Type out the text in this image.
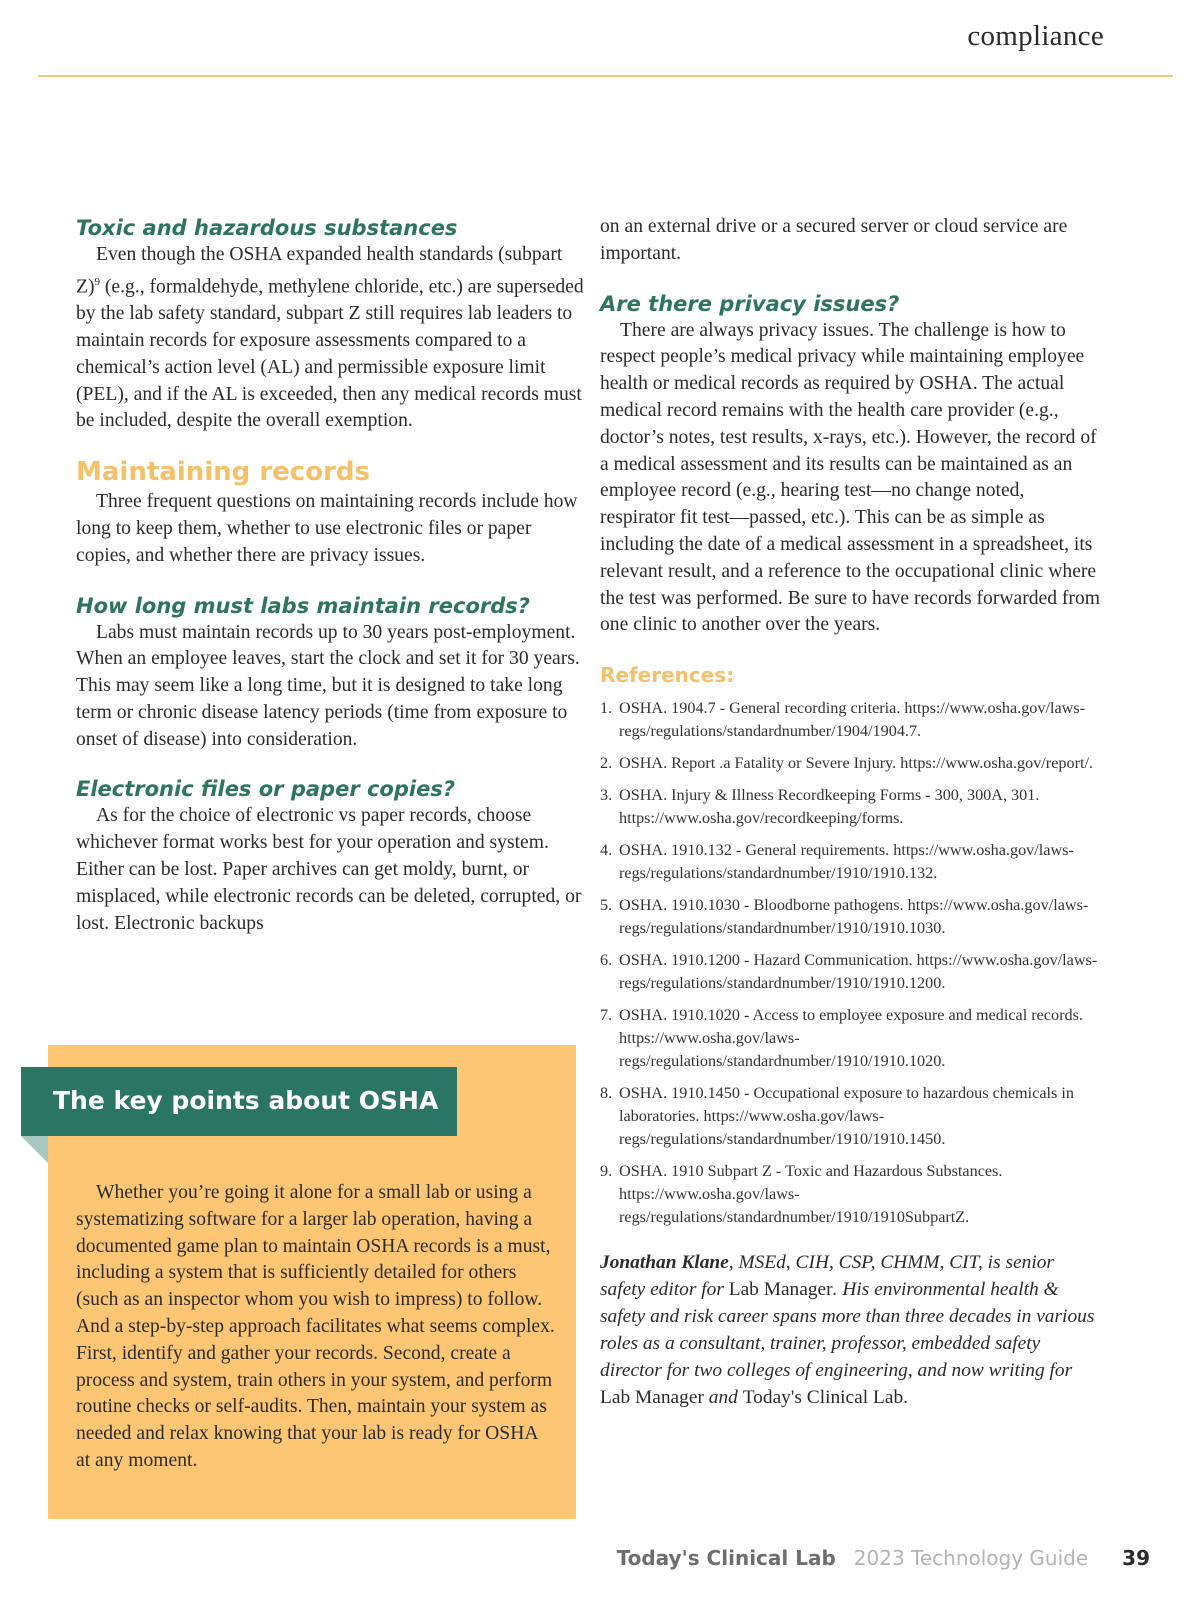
compliance
Toxic and hazardous substances

Even though the OSHA expanded health standards (subpart Z)$^9$ (e.g., formaldehyde, methylene chloride, etc.) are superseded by the lab safety standard, subpart Z still requires lab leaders to maintain records for exposure assessments compared to a chemical’s action level (AL) and permissible exposure limit (PEL), and if the AL is exceeded, then any medical records must be included, despite the overall exemption.

Maintaining records

Three frequent questions on maintaining records include how long to keep them, whether to use electronic files or paper copies, and whether there are privacy issues.

How long must labs maintain records?

Labs must maintain records up to 30 years post-employment. When an employee leaves, start the clock and set it for 30 years. This may seem like a long time, but it is designed to take long term or chronic disease latency periods (time from exposure to onset of disease) into consideration.

Electronic files or paper copies?

As for the choice of electronic vs paper records, choose whichever format works best for your operation and system. Either can be lost. Paper archives can get moldy, burnt, or misplaced, while electronic records can be deleted, corrupted, or lost. Electronic backups

The key points about OSHA

Whether you’re going it alone for a small lab or using a systematizing software for a larger lab operation, having a documented game plan to maintain OSHA records is a must, including a system that is sufficiently detailed for others (such as an inspector whom you wish to impress) to follow. And a step-by-step approach facilitates what seems complex. First, identify and gather your records. Second, create a process and system, train others in your system, and perform routine checks or self-audits. Then, maintain your system as needed and relax knowing that your lab is ready for OSHA at any moment.

on an external drive or a secured server or cloud service are important.

Are there privacy issues?

There are always privacy issues. The challenge is how to respect people’s medical privacy while maintaining employee health or medical records as required by OSHA. The actual medical record remains with the health care provider (e.g., doctor’s notes, test results, x-rays, etc.). However, the record of a medical assessment and its results can be maintained as an employee record (e.g., hearing test—no change noted, respirator fit test—passed, etc.). This can be as simple as including the date of a medical assessment in a spreadsheet, its relevant result, and a reference to the occupational clinic where the test was performed. Be sure to have records forwarded from one clinic to another over the years.

References:
1. OSHA. 1904.7 - General recording criteria. https://www.osha.gov/laws-regs/regulations/standardnumber/1904/1904.7.
2. OSHA. Report .a Fatality or Severe Injury. https://www.osha.gov/report/.
3. OSHA. Injury & Illness Recordkeeping Forms - 300, 300A, 301. https://www.osha.gov/recordkeeping/forms.
4. OSHA. 1910.132 - General requirements. https://www.osha.gov/laws-regs/regulations/standardnumber/1910/1910.132.
5. OSHA. 1910.1030 - Bloodborne pathogens. https://www.osha.gov/laws-regs/regulations/standardnumber/1910/1910.1030.
6. OSHA. 1910.1200 - Hazard Communication. https://www.osha.gov/laws-regs/regulations/standardnumber/1910/1910.1200.
7. OSHA. 1910.1020 - Access to employee exposure and medical records. https://www.osha.gov/laws-regs/regulations/standardnumber/1910/1910.1020.
8. OSHA. 1910.1450 - Occupational exposure to hazardous chemicals in laboratories. https://www.osha.gov/laws-regs/regulations/standardnumber/1910/1910.1450.
9. OSHA. 1910 Subpart Z - Toxic and Hazardous Substances. https://www.osha.gov/laws-regs/regulations/standardnumber/1910/1910SubpartZ.

Jonathan Klane, MSEd, CIH, CSP, CHMM, CIT, is senior safety editor for Lab Manager. His environmental health & safety and risk career spans more than three decades in various roles as a consultant, trainer, professor, embedded safety director for two colleges of engineering, and now writing for Lab Manager and Today's Clinical Lab.

Today's Clinical Lab 2023 Technology Guide 39
